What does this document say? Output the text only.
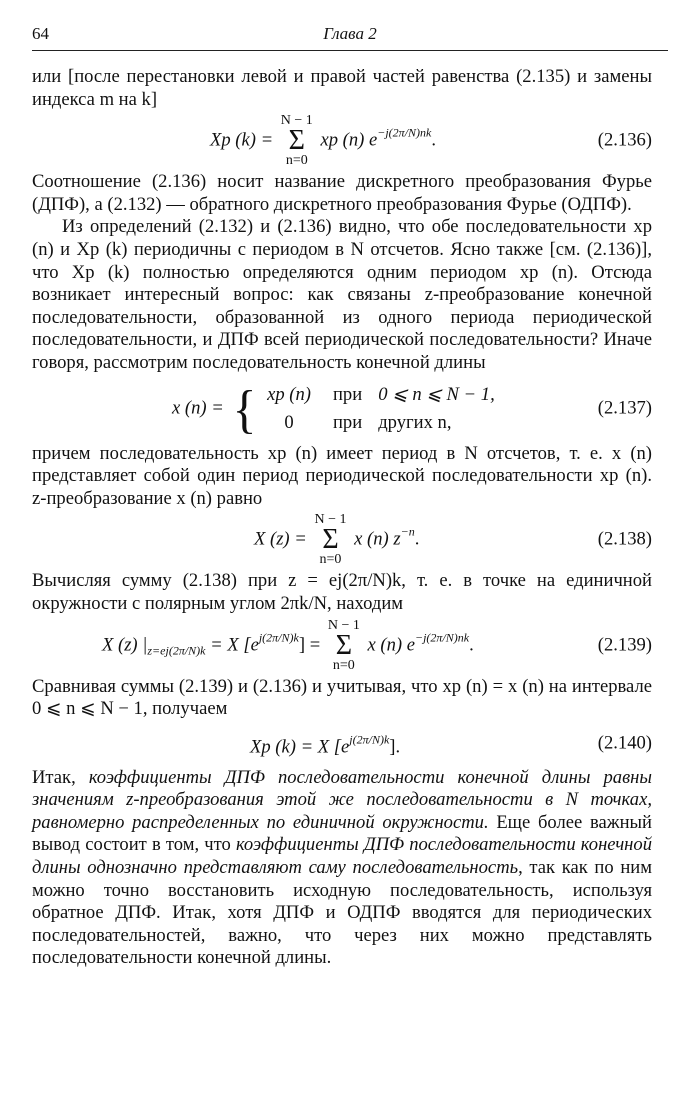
64	Глава 2

или [после перестановки левой и правой частей равенства (2.135) и замены индекса m на k]

Xp (k) = N − 1
Σ
n=0 xp (n) $e^{-j(2\pi/N)nk}$.	(2.136)

Соотношение (2.136) носит название дискретного преобразования Фурье (ДПФ), а (2.132) — обратного дискретного преобразования Фурье (ОДПФ).

Из определений (2.132) и (2.136) видно, что обе последовательности xp (n) и Xp (k) периодичны с периодом в N отсчетов. Ясно также [см. (2.136)], что Xp (k) полностью определяются одним периодом xp (n). Отсюда возникает интересный вопрос: как связаны z-преобразование конечной последовательности, образованной из одного периода периодической последовательности, и ДПФ всей периодической последовательности? Иначе говоря, рассмотрим последовательность конечной длины

x (n) = { xp (n)	при	0 ⩽ n ⩽ N − 1,
0	при	других n,
(2.137)

причем последовательность xp (n) имеет период в N отсчетов, т. е. x (n) представляет собой один период периодической последовательности xp (n). z-преобразование x (n) равно

X (z) = N − 1
Σ
n=0 x (n) $z^{-n}$.	(2.138)

Вычисляя сумму (2.138) при z = ej(2π/N)k, т. е. в точке на единичной окружности с полярным углом 2πk/N, находим

X (z) $|_{z=ej(2\pi/N)k} = X$ $[e^{j(2\pi/N)k}] = N - 1$
Σ
n=0 x (n) $e^{-j(2\pi/N)nk}$.	(2.139)

Сравнивая суммы (2.139) и (2.136) и учитывая, что xp (n) = x (n) на интервале 0 ⩽ n ⩽ N − 1, получаем

Xp (k) = X $[e^{j(2\pi/N)k}]$.	(2.140)

Итак, коэффициенты ДПФ последовательности конечной длины равны значениям z-преобразования этой же последовательности в N точках, равномерно распределенных по единичной окружности. Еще более важный вывод состоит в том, что коэффициенты ДПФ последовательности конечной длины однозначно представляют саму последовательность, так как по ним можно точно восстановить исходную последовательность, используя обратное ДПФ. Итак, хотя ДПФ и ОДПФ вводятся для периодических последовательностей, важно, что через них можно представлять последовательности конечной длины.
